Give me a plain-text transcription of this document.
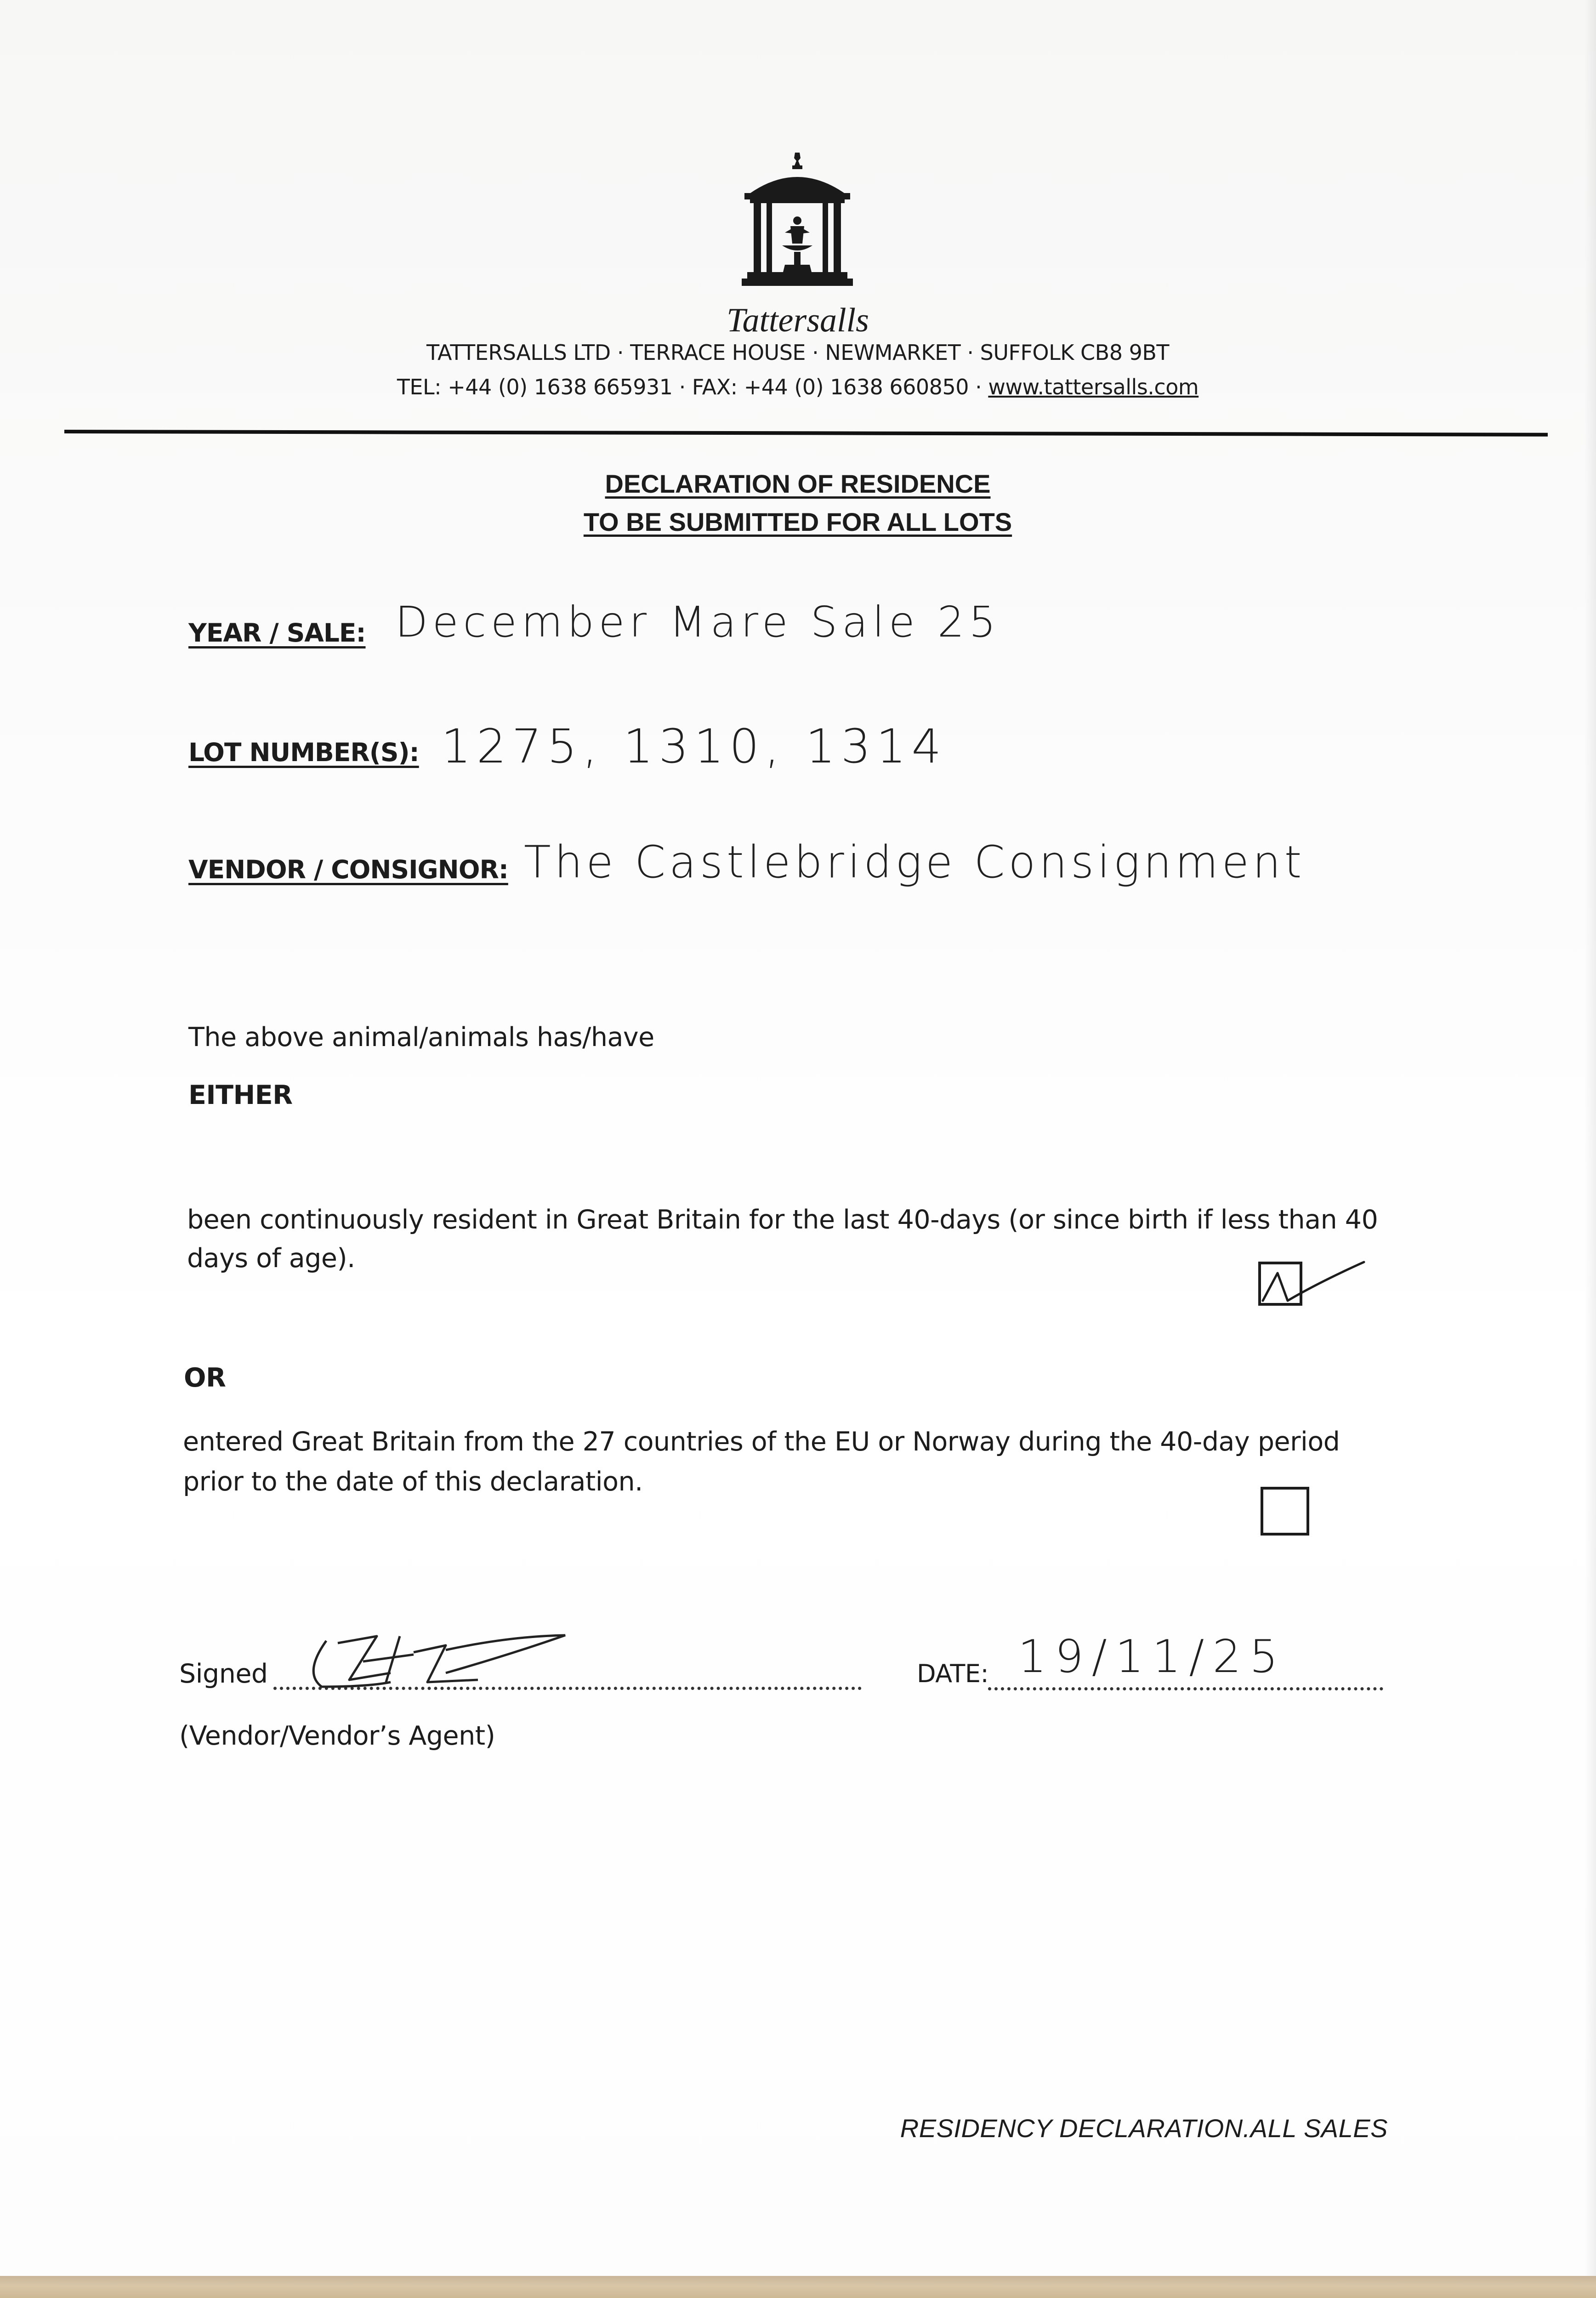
Tattersalls
TATTERSALLS LTD · TERRACE HOUSE · NEWMARKET · SUFFOLK CB8 9BT
TEL: +44 (0) 1638 665931 · FAX: +44 (0) 1638 660850 · www.tattersalls.com
DECLARATION OF RESIDENCE
TO BE SUBMITTED FOR ALL LOTS
YEAR / SALE: December Mare Sale 25
LOT NUMBER(S): 1275, 1310, 1314
VENDOR / CONSIGNOR: The Castlebridge Consignment
The above animal/animals has/have
EITHER
been continuously resident in Great Britain for the last 40-days (or since birth if less than 40
days of age).
OR
entered Great Britain from the 27 countries of the EU or Norway during the 40-day period
prior to the date of this declaration.
Signed
(Vendor/Vendor’s Agent)
DATE: 19/11/25
RESIDENCY DECLARATION.ALL SALES
